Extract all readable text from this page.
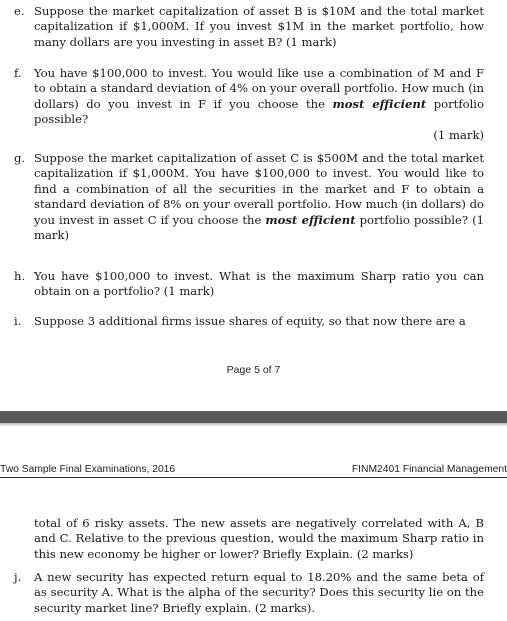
e. Suppose the market capitalization of asset B is $10M and the total market capitalization if $1,000M. If you invest $1M in the market portfolio, how many dollars are you investing in asset B? (1 mark)
f.	You have $100,000 to invest. You would like use a combination of M and F to obtain a standard deviation of 4% on your overall portfolio. How much (in dollars) do you invest in F if you choose the most efficient portfolio possible?
(1 mark)
g. Suppose the market capitalization of asset C is $500M and the total market capitalization if $1,000M. You have $100,000 to invest. You would like to find a combination of all the securities in the market and F to obtain a standard deviation of 8% on your overall portfolio. How much (in dollars) do you invest in asset C if you choose the most efficient portfolio possible? (1 mark)
h. You have $100,000 to invest. What is the maximum Sharp ratio you can obtain on a portfolio? (1 mark)
i.	Suppose 3 additional firms issue shares of equity, so that now there are a
Page 5 of 7
Two Sample Final Examinations, 2016	FINM2401 Financial Management
total of 6 risky assets. The new assets are negatively correlated with A, B and C. Relative to the previous question, would the maximum Sharp ratio in this new economy be higher or lower? Briefly Explain. (2 marks)
j.	A new security has expected return equal to 18.20% and the same beta of as security A. What is the alpha of the security? Does this security lie on the security market line? Briefly explain. (2 marks).
